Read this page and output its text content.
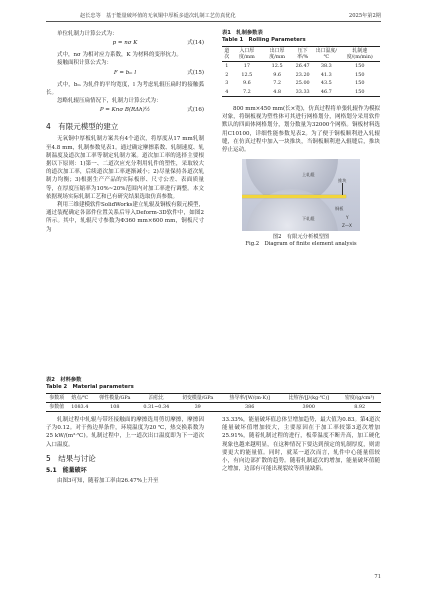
赵长忠等　基于能量破坏值的无氧铜中厚板多道次轧制工艺仿真优化	2025年第2期

单位轧制力计算公式为：

p = nσ K	式(14)

式中，nσ 为相对应力系数，K 为材料的变形抗力。

接触面积计算公式为：

F = bₘ l	式(15)

式中，bₘ 为轧件的平均宽度，l 为考虑轧辊压扁时的接触弧长。

忽略轧辊压扁情况下，轧制力计算公式为：

P = Knσ B(RΔh)½	式(16)
4　有限元模型的建立

无氧铜中厚板轧制方案共有4个道次，将厚度从17 mm轧制至4.8 mm，轧制参数见表1。通过确定摩擦系数、轧制速度、轧制温度及道次加工率等制定轧制方案。道次加工率的选择主要根据以下原则：1)第一、二道次应充分利用轧件的塑性，采取较大的道次加工率，后续道次加工率逐渐减小；2)尽量保持各道次轧制力均衡；3)根据生产产品的实际板形、尺寸公差、表面质量等，在厚度压缩率为10%~20%范围内对加工率进行调整。本文依据现场实际轧制工艺和已有研究结果选取仿真参数。

利用三维建模软件SolidWorks建立轧辊及铜板有限元模型，通过装配确定各部件位置关系后导入Deform-3D软件中，如图2所示。其中，轧辊尺寸参数为Φ360 mm×600 mm，铜板尺寸为

表1　轧制参数表
Table 1　Rolling Parameters
道次	入口厚度/mm	出口厚度/mm	压下率/%	出口温度/℃	轧制速度/(m/min)
1	17	12.5	26.47	38.3	150
2	12.5	9.6	23.20	41.3	150
3	9.6	7.2	25.00	43.5	150
4	7.2	4.8	33.33	46.7	150

800 mm×450 mm(长×宽)，仿真过程将单張轧辊作为模拟对象，将铜板视为塑性体可其进行网格划分，网格划分采用软件默认的四面体网格划分，划分数量为32000个网格。铜板材料选用C10100，详细性能参数见表2。为了便于铜板顺利进入轧辊缝，在仿真过程中加入一块推块，当铜板顺利进入辊缝后，推块停止运动。

上轧辊
推块
下轧辊
铜板
Y
Z—X
图2　有限元分析模型图
Fig.2　Diagram of finite element analysis
表2　材料参数
Table 2　Material parameters
参数项	熔点/℃	弹性模量/GPa	泊松比	切变模量/GPa	热导率/[W/(m·K)]	比热容/[J/(kg·℃)]	密度/(g/cm³)
参数值	1083.4	108	0.31~0.34	39	386	3900	8.92

轧制过程中轧辊与带坯接触面的摩擦选用剪切摩擦，摩擦因子为0.12。对于热边界条件，环境温度为20 ℃，热交换系数为25 kW/(m²·℃)。轧制过程中，上一道次出口温度即为下一道次入口温度。

5　结果与讨论
5.1　能量破坏

由图3可知，随着加工率由26.47%上升至

33.33%，能量破坏值总体呈增加趋势，最大值为0.83。第4道次能量破坏值增加较大，主要原因在于加工率较第3道次增加25.91%，随着轧制过程的进行，板带温度不断升高，加工硬化现象也越来越明显，在这种情况下要达到预定的轧制厚度，则需要更大的能量值。同时，就某一道次而言，轧件中心能量值较小，有向边部扩散的趋势。随着轧制道次的增加，能量破坏值随之增加，边部有可能出现裂纹等质量缺陷。

71
